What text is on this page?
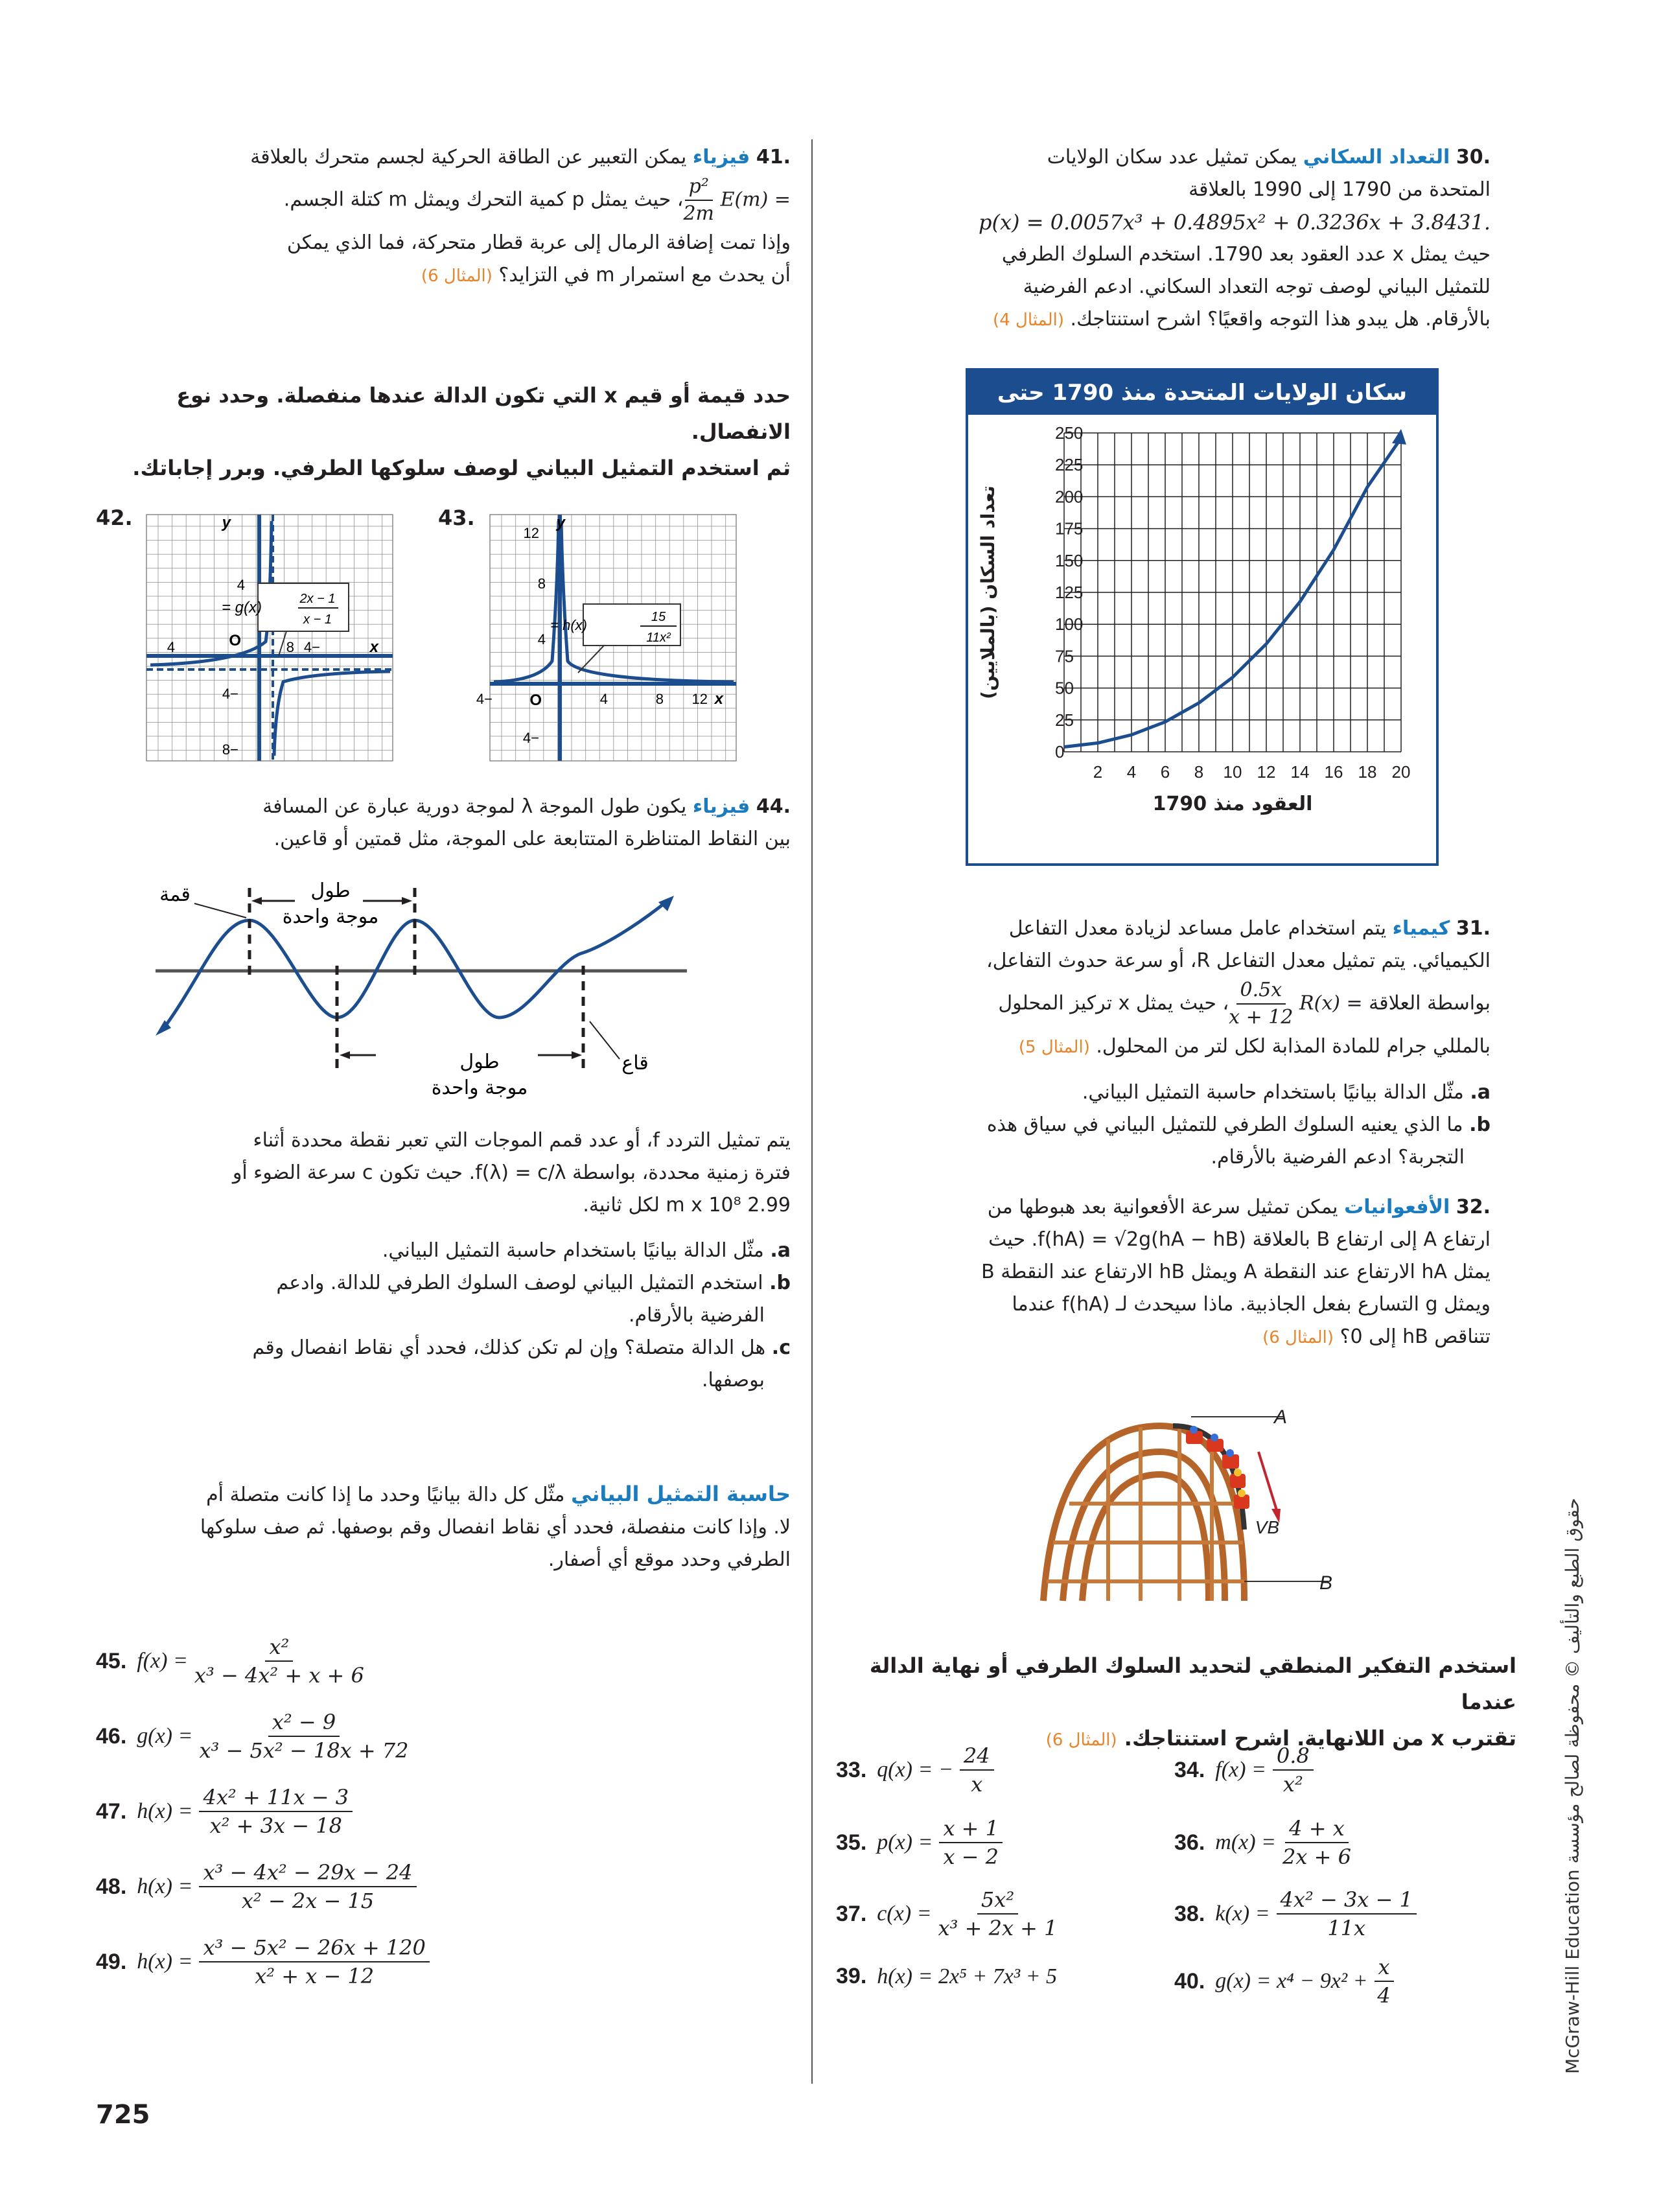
.30 التعداد السكاني يمكن تمثيل عدد سكان الولايات
المتحدة من 1790 إلى 1990 بالعلاقة
p(x) = 0.0057x³ + 0.4895x² + 0.3236x + 3.8431.
حيث يمثل x عدد العقود بعد 1790. استخدم السلوك الطرفي
للتمثيل البياني لوصف توجه التعداد السكاني. ادعم الفرضية
بالأرقام. هل يبدو هذا التوجه واقعيًا؟ اشرح استنتاجك. (المثال 4)
سكان الولايات المتحدة منذ 1790 حتى 1990
0
25
50
75
100
125
150
175
200
225
250
2 4 6 8 10 12 14 16 18 20
العقود منذ 1790
تعداد السكان (بالملايين)
.31 كيمياء يتم استخدام عامل مساعد لزيادة معدل التفاعل
الكيميائي. يتم تمثيل معدل التفاعل R، أو سرعة حدوث التفاعل،
بواسطة العلاقة R(x) =
$\frac{0.5x}{x + 12}$
، حيث يمثل x تركيز المحلول
بالمللي جرام للمادة المذابة لكل لتر من المحلول. (المثال 5)
a. مثّل الدالة بيانيًا باستخدام حاسبة التمثيل البياني.
b. ما الذي يعنيه السلوك الطرفي للتمثيل البياني في سياق هذه
التجربة؟ ادعم الفرضية بالأرقام.
.32 الأفعوانيات يمكن تمثيل سرعة الأفعوانية بعد هبوطها من
ارتفاع A إلى ارتفاع B بالعلاقة f(hA) = √2g(hA − hB). حيث
يمثل hA الارتفاع عند النقطة A ويمثل hB الارتفاع عند النقطة B
ويمثل g التسارع بفعل الجاذبية. ماذا سيحدث لـ f(hA) عندما
تتناقص hB إلى 0؟ (المثال 6)
A
B
VB
استخدم التفكير المنطقي لتحديد السلوك الطرفي أو نهاية الدالة عندما
تقترب x من اللانهاية. اشرح استنتاجك. (المثال 6)
33. q(x) = − $\frac{24}{x}$	34. $f(x) = \frac{0.8}{\text{x²}}$
35. $p(x) = \frac{x + 1}{x - 2}$	36. $m(x) = \frac{4 + x}{2x + 6}$
37. $c(x) = \frac{\text{5x²}}{\text{x³ + 2x + 1}}$	38. $k(x) = \frac{\text{4x² − 3x − 1}}{11x}$
39. h(x) = 2x⁵ + 7x³ + 5	40. $g(x) = x^4 - 9x^2 + \frac{x}{4}$	حقوق الطبع والتأليف © محفوظة لصالح مؤسسة McGraw-Hill Education
.41 فيزياء يمكن التعبير عن الطاقة الحركية لجسم متحرك بالعلاقة
E(m) =
$\frac{\text{p²}}{2m}$
، حيث يمثل p كمية التحرك ويمثل m كتلة الجسم.
وإذا تمت إضافة الرمال إلى عربة قطار متحركة، فما الذي يمكن
أن يحدث مع استمرار m في التزايد؟ (المثال 6)
حدد قيمة أو قيم x التي تكون الدالة عندها منفصلة. وحدد نوع الانفصال.
ثم استخدم التمثيل البياني لوصف سلوكها الطرفي. وبرر إجاباتك.
42.
g(x) =	2x − 1
1 − x
4
8 −4
4
−4
−8
y
x
O
43.
h(x) =	15
11x²
12
8
4
4	8 12
−4
−4
y
x
O
.44 فيزياء يكون طول الموجة λ لموجة دورية عبارة عن المسافة
بين النقاط المتناظرة المتتابعة على الموجة، مثل قمتين أو قاعين.
طول
موجة واحدة
طول
موجة واحدة
قمة
قاع
يتم تمثيل التردد f، أو عدد قمم الموجات التي تعبر نقطة محددة أثناء
فترة زمنية محددة، بواسطة f(λ) = c/λ. حيث تكون c سرعة الضوء أو
2.99 m x 10⁸ لكل ثانية.
a. مثّل الدالة بيانيًا باستخدام حاسبة التمثيل البياني.
b. استخدم التمثيل البياني لوصف السلوك الطرفي للدالة. وادعم
الفرضية بالأرقام.
c. هل الدالة متصلة؟ وإن لم تكن كذلك، فحدد أي نقاط انفصال وقم
بوصفها.
حاسبة التمثيل البياني مثّل كل دالة بيانيًا وحدد ما إذا كانت متصلة أم
لا. وإذا كانت منفصلة، فحدد أي نقاط انفصال وقم بوصفها. ثم صف سلوكها
الطرفي وحدد موقع أي أصفار.
45. $f(x) = \frac{\text{x²}}{\text{x³ − 4x² + x + 6}}$
46. $g(x) = \frac{\text{x² − 9}}{\text{x³ − 5x² − 18x + 72}}$
47. $h(x) = \frac{\text{4x² + 11x − 3}}{\text{x² + 3x − 18}}$
48. $h(x) = \frac{\text{x³ − 4x² − 29x − 24}}{\text{x² − 2x − 15}}$
49. $h(x) = \frac{\text{x³ − 5x² − 26x + 120}}{\text{x² + x − 12}}$
725
